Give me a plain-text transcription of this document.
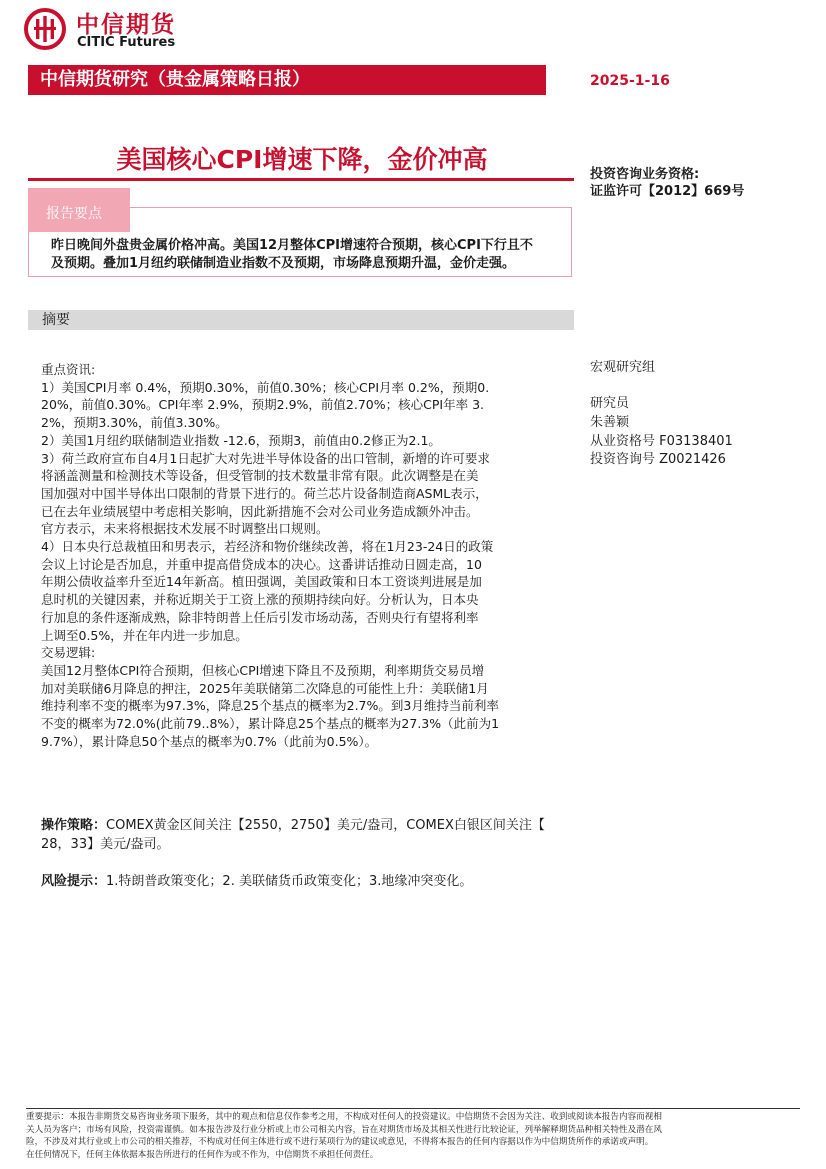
中信期货
CITIC Futures
中信期货研究（贵金属策略日报）	2025-1-16
美国核心CPI增速下降，金价冲高
投资咨询业务资格:
证监许可【2012】669号
报告要点

昨日晚间外盘贵金属价格冲高。美国12月整体CPI增速符合预期，核心CPI下行且不

及预期。叠加1月纽约联储制造业指数不及预期，市场降息预期升温，金价走强。

摘要
宏观研究组
研究员
朱善颖
从业资格号 F03138401
投资咨询号 Z0021426

重点资讯:

1）美国CPI月率 0.4%，预期0.30%，前值0.30%；核心CPI月率 0.2%，预期0.

20%，前值0.30%。CPI年率 2.9%，预期2.9%，前值2.70%；核心CPI年率 3.

2%，预期3.30%，前值3.30%。

2）美国1月纽约联储制造业指数 -12.6，预期3，前值由0.2修正为2.1。

3）荷兰政府宣布自4月1日起扩大对先进半导体设备的出口管制，新增的许可要求

将涵盖测量和检测技术等设备，但受管制的技术数量非常有限。此次调整是在美

国加强对中国半导体出口限制的背景下进行的。荷兰芯片设备制造商ASML表示，

已在去年业绩展望中考虑相关影响，因此新措施不会对公司业务造成额外冲击。

官方表示，未来将根据技术发展不时调整出口规则。

4）日本央行总裁植田和男表示，若经济和物价继续改善，将在1月23-24日的政策

会议上讨论是否加息，并重申提高借贷成本的决心。这番讲话推动日圆走高，10

年期公债收益率升至近14年新高。植田强调，美国政策和日本工资谈判进展是加

息时机的关键因素，并称近期关于工资上涨的预期持续向好。分析认为，日本央

行加息的条件逐渐成熟，除非特朗普上任后引发市场动荡，否则央行有望将利率

上调至0.5%，并在年内进一步加息。

交易逻辑:

美国12月整体CPI符合预期，但核心CPI增速下降且不及预期，利率期货交易员增

加对美联储6月降息的押注，2025年美联储第二次降息的可能性上升：美联储1月

维持利率不变的概率为97.3%，降息25个基点的概率为2.7%。到3月维持当前利率

不变的概率为72.0%(此前79..8%），累计降息25个基点的概率为27.3%（此前为1

9.7%），累计降息50个基点的概率为0.7%（此前为0.5%）。

操作策略：COMEX黄金区间关注【2550，2750】美元/盎司，COMEX白银区间关注【

28，33】美元/盎司。

风险提示：1.特朗普政策变化；2. 美联储货币政策变化；3.地缘冲突变化。

重要提示：本报告非期货交易咨询业务项下服务，其中的观点和信息仅作参考之用，不构成对任何人的投资建议。中信期货不会因为关注、收到或阅读本报告内容而视相

关人员为客户；市场有风险，投资需谨慎。如本报告涉及行业分析或上市公司相关内容，旨在对期货市场及其相关性进行比较论证，列举解释期货品种相关特性及潜在风

险，不涉及对其行业或上市公司的相关推荐，不构成对任何主体进行或不进行某项行为的建议或意见，不得将本报告的任何内容据以作为中信期货所作的承诺或声明。

在任何情况下，任何主体依据本报告所进行的任何作为或不作为，中信期货不承担任何责任。
